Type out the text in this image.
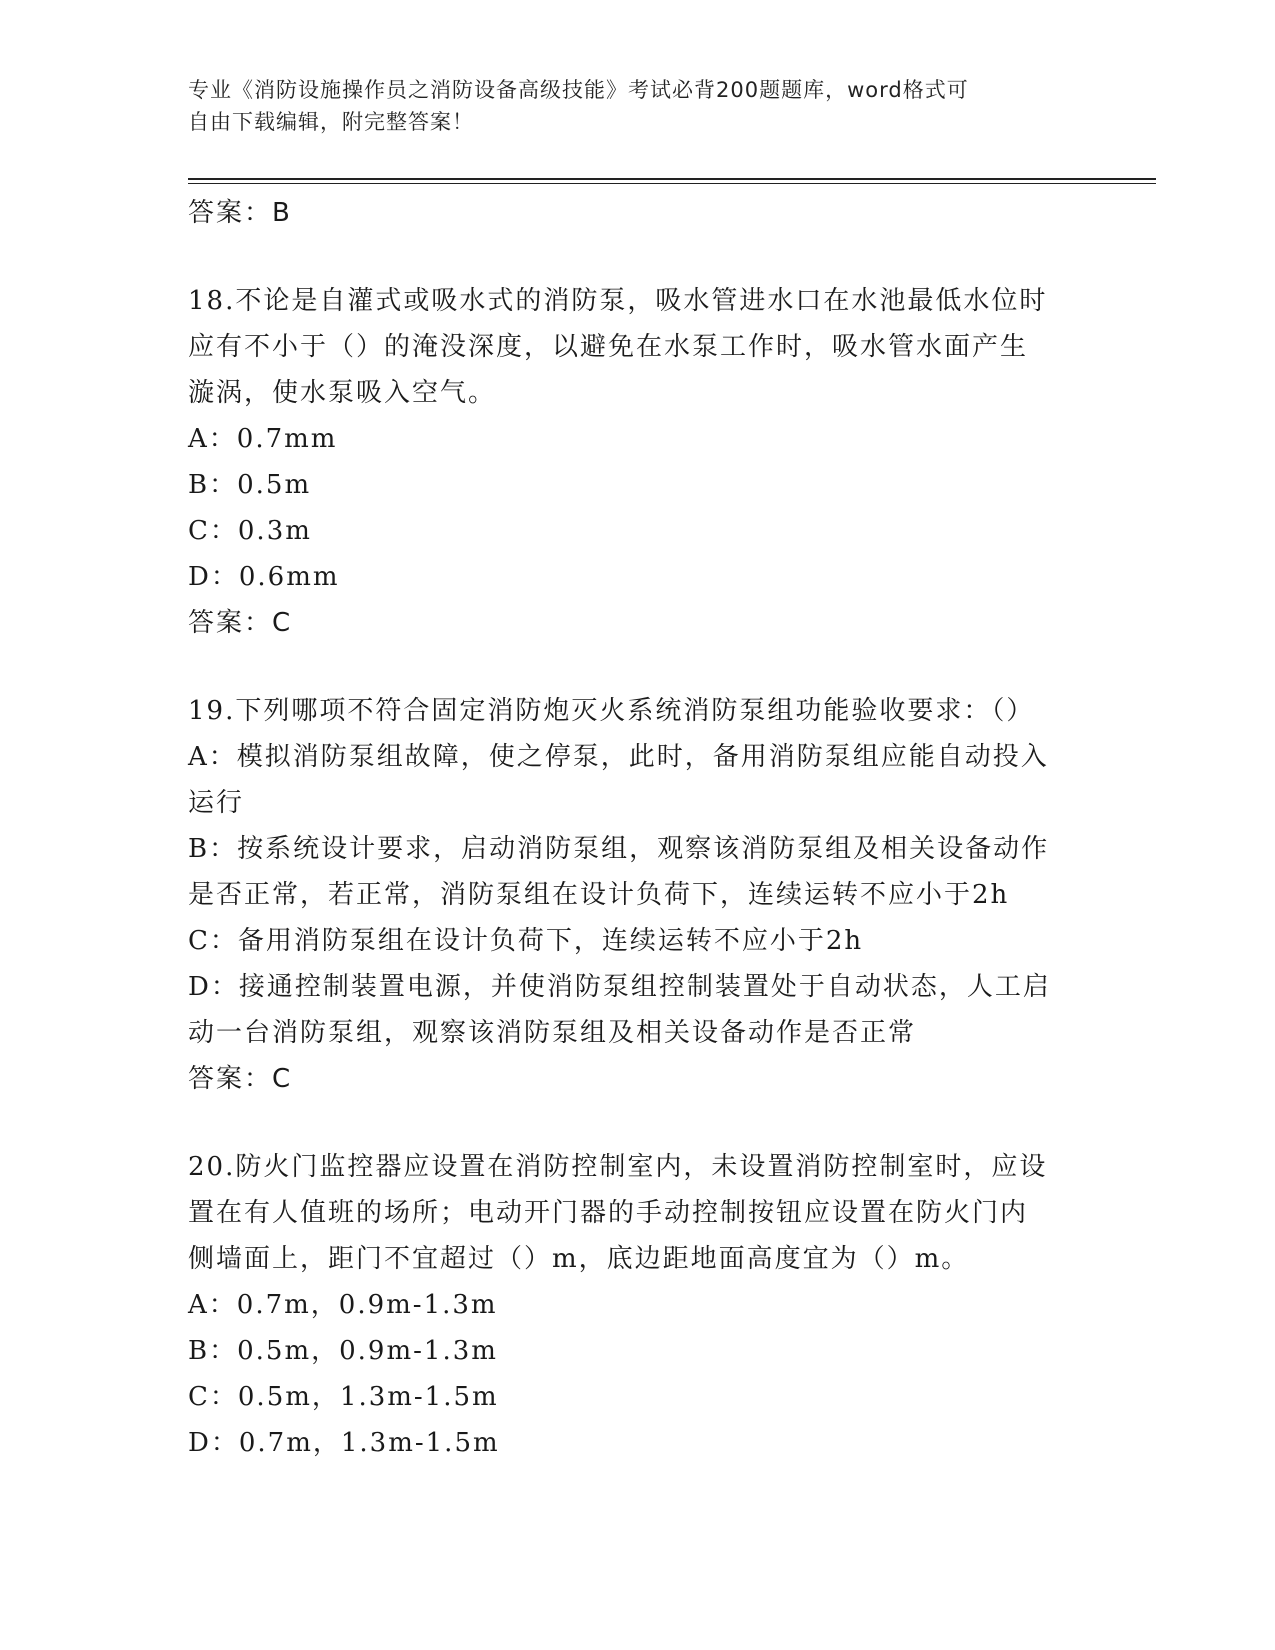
专业《消防设施操作员之消防设备高级技能》考试必背200题题库，word格式可
自由下载编辑，附完整答案！
答案：B
18.不论是自灌式或吸水式的消防泵，吸水管进水口在水池最低水位时
应有不小于（）的淹没深度，以避免在水泵工作时，吸水管水面产生
漩涡，使水泵吸入空气。
A：0.7mm
B：0.5m
C：0.3m
D：0.6mm
答案：C
19.下列哪项不符合固定消防炮灭火系统消防泵组功能验收要求：（）
A：模拟消防泵组故障，使之停泵，此时，备用消防泵组应能自动投入
运行
B：按系统设计要求，启动消防泵组，观察该消防泵组及相关设备动作
是否正常，若正常，消防泵组在设计负荷下，连续运转不应小于2h
C：备用消防泵组在设计负荷下，连续运转不应小于2h
D：接通控制装置电源，并使消防泵组控制装置处于自动状态，人工启
动一台消防泵组，观察该消防泵组及相关设备动作是否正常
答案：C
20.防火门监控器应设置在消防控制室内，未设置消防控制室时，应设
置在有人值班的场所；电动开门器的手动控制按钮应设置在防火门内
侧墙面上，距门不宜超过（）m，底边距地面高度宜为（）m。
A：0.7m，0.9m-1.3m
B：0.5m，0.9m-1.3m
C：0.5m，1.3m-1.5m
D：0.7m，1.3m-1.5m
